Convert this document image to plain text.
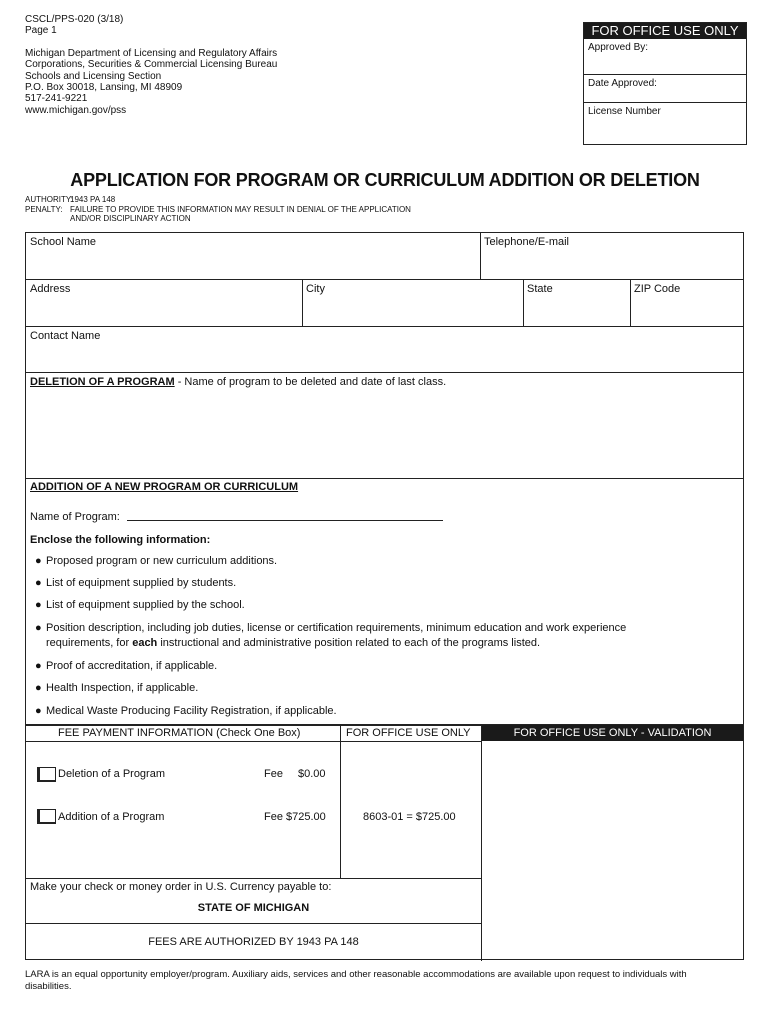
CSCL/PPS-020 (3/18)
Page 1
Michigan Department of Licensing and Regulatory Affairs
Corporations, Securities & Commercial Licensing Bureau
Schools and Licensing Section
P.O. Box 30018, Lansing, MI 48909
517-241-9221
www.michigan.gov/pss
FOR OFFICE USE ONLY
Approved By:
Date Approved:
License Number
APPLICATION FOR PROGRAM OR CURRICULUM ADDITION OR DELETION
AUTHORITY:
1943 PA 148
PENALTY: FAILURE TO PROVIDE THIS INFORMATION MAY RESULT IN DENIAL OF THE APPLICATION
AND/OR DISCIPLINARY ACTION
School Name	Telephone/E-mail
Address	City	State	ZIP Code
Contact Name
DELETION OF A PROGRAM - Name of program to be deleted and date of last class.
ADDITION OF A NEW PROGRAM OR CURRICULUM
Name of Program:
Enclose the following information:
● Proposed program or new curriculum additions.
● List of equipment supplied by students.
● List of equipment supplied by the school.
● Position description, including job duties, license or certification requirements, minimum education and work experience
requirements, for each instructional and administrative position related to each of the programs listed.
● Proof of accreditation, if applicable.
● Health Inspection, if applicable.
● Medical Waste Producing Facility Registration, if applicable.
FEE PAYMENT INFORMATION (Check One Box)	FOR OFFICE USE ONLY	FOR OFFICE USE ONLY - VALIDATION
Deletion of a Program	Fee $0.00
Addition of a Program	Fee $725.00	8603-01 = $725.00
Make your check or money order in U.S. Currency payable to:
STATE OF MICHIGAN
FEES ARE AUTHORIZED BY 1943 PA 148
LARA is an equal opportunity employer/program. Auxiliary aids, services and other reasonable accommodations are available upon request to individuals with
disabilities.
